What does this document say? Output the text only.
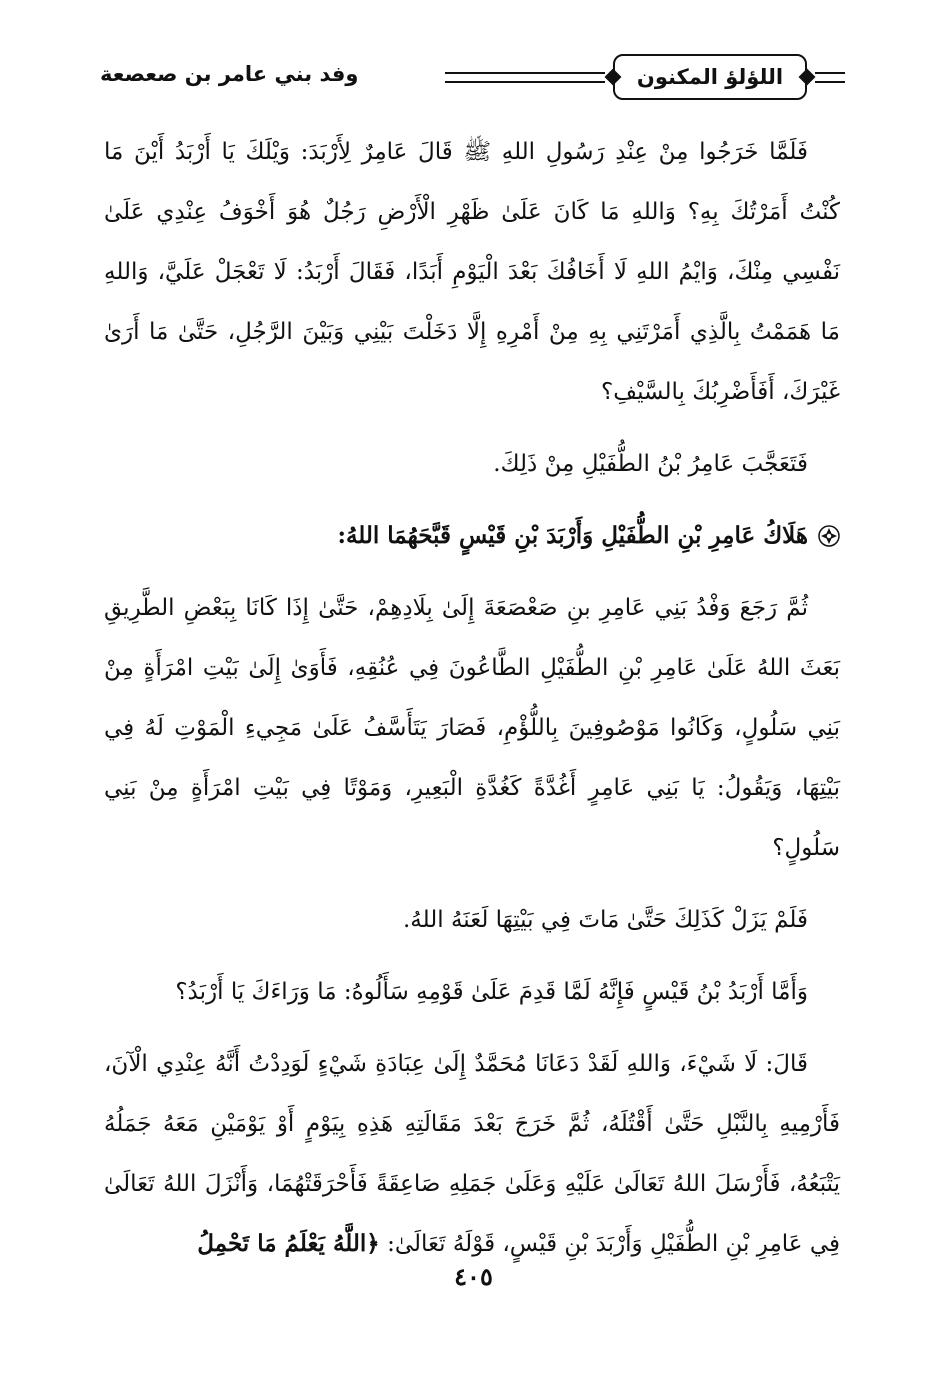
اللؤلؤ المكنون
وفد بني عامر بن صعصعة

فَلَمَّا خَرَجُوا مِنْ عِنْدِ رَسُولِ اللهِ ﷺ قَالَ عَامِرٌ لِأَرْبَدَ: وَيْلَكَ يَا أَرْبَدُ أَيْنَ مَا كُنْتُ أَمَرْتُكَ بِهِ؟ وَاللهِ مَا كَانَ عَلَىٰ ظَهْرِ الْأَرْضِ رَجُلٌ هُوَ أَخْوَفُ عِنْدِي عَلَىٰ نَفْسِي مِنْكَ، وَايْمُ اللهِ لَا أَخَافُكَ بَعْدَ الْيَوْمِ أَبَدًا، فَقَالَ أَرْبَدُ: لَا تَعْجَلْ عَلَيَّ، وَاللهِ مَا هَمَمْتُ بِالَّذِي أَمَرْتَنِي بِهِ مِنْ أَمْرِهِ إِلَّا دَخَلْتَ بَيْنِي وَبَيْنَ الرَّجُلِ، حَتَّىٰ مَا أَرَىٰ غَيْرَكَ، أَفَأَضْرِبُكَ بِالسَّيْفِ؟

فَتَعَجَّبَ عَامِرُ بْنُ الطُّفَيْلِ مِنْ ذَلِكَ.

هَلَاكُ عَامِرِ بْنِ الطُّفَيْلِ وَأَرْبَدَ بْنِ قَيْسٍ قَبَّحَهُمَا اللهُ:

ثُمَّ رَجَعَ وَفْدُ بَنِي عَامِرِ بنِ صَعْصَعَةَ إِلَىٰ بِلَادِهِمْ، حَتَّىٰ إِذَا كَانَا بِبَعْضِ الطَّرِيقِ بَعَثَ اللهُ عَلَىٰ عَامِرِ بْنِ الطُّفَيْلِ الطَّاعُونَ فِي عُنُقِهِ، فَأَوَىٰ إِلَىٰ بَيْتِ امْرَأَةٍ مِنْ بَنِي سَلُولٍ، وَكَانُوا مَوْصُوفِينَ بِاللُّؤْمِ، فَصَارَ يَتَأَسَّفُ عَلَىٰ مَجِيءِ الْمَوْتِ لَهُ فِي بَيْتِهَا، وَيَقُولُ: يَا بَنِي عَامِرٍ أَغُدَّةً كَغُدَّةِ الْبَعِيرِ، وَمَوْتًا فِي بَيْتِ امْرَأَةٍ مِنْ بَنِي سَلُولٍ؟

فَلَمْ يَزَلْ كَذَلِكَ حَتَّىٰ مَاتَ فِي بَيْتِهَا لَعَنَهُ اللهُ.

وَأَمَّا أَرْبَدُ بْنُ قَيْسٍ فَإِنَّهُ لَمَّا قَدِمَ عَلَىٰ قَوْمِهِ سَأَلُوهُ: مَا وَرَاءَكَ يَا أَرْبَدُ؟

قَالَ: لَا شَيْءَ، وَاللهِ لَقَدْ دَعَانَا مُحَمَّدٌ إِلَىٰ عِبَادَةِ شَيْءٍ لَوَدِدْتُ أَنَّهُ عِنْدِي الْآنَ، فَأَرْمِيهِ بِالنَّبْلِ حَتَّىٰ أَقْتُلَهُ، ثُمَّ خَرَجَ بَعْدَ مَقَالَتِهِ هَذِهِ بِيَوْمٍ أَوْ يَوْمَيْنِ مَعَهُ جَمَلُهُ يَتْبَعُهُ، فَأَرْسَلَ اللهُ تَعَالَىٰ عَلَيْهِ وَعَلَىٰ جَمَلِهِ صَاعِقَةً فَأَحْرَقَتْهُمَا، وَأَنْزَلَ اللهُ تَعَالَىٰ فِي عَامِرِ بْنِ الطُّفَيْلِ وَأَرْبَدَ بْنِ قَيْسٍ، قَوْلَهُ تَعَالَىٰ: ﴿اللَّهُ يَعْلَمُ مَا تَحْمِلُ

٤٠٥
